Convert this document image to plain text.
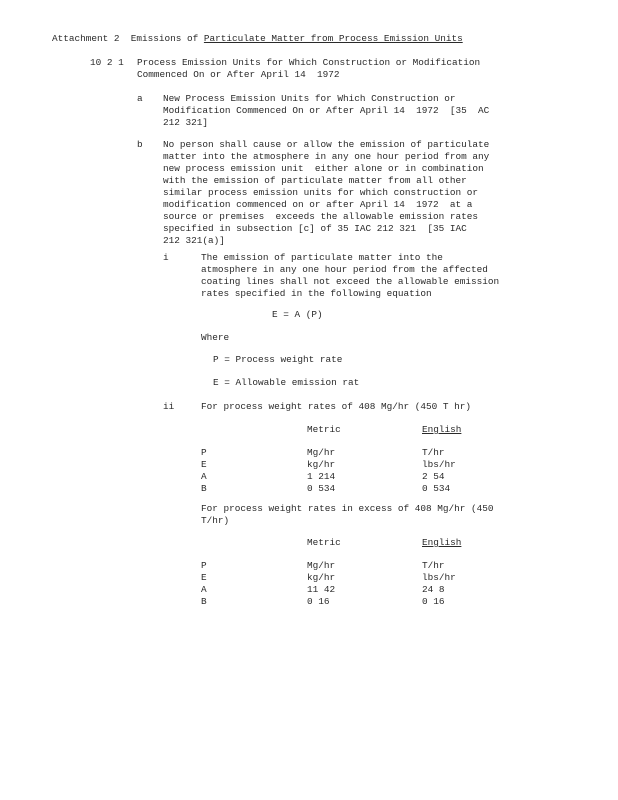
Attachment 2  Emissions of Particulate Matter from Process Emission Units
10 2 1 Process Emission Units for Which Construction or Modification
Commenced On or After April 14  1972
a New Process Emission Units for Which Construction or
Modification Commenced On or After April 14  1972  [35  AC
212 321]
b No person shall cause or allow the emission of particulate
matter into the atmosphere in any one hour period from any
new process emission unit  either alone or in combination
with the emission of particulate matter from all other
similar process emission units for which construction or
modification commenced on or after April 14  1972  at a
source or premises  exceeds the allowable emission rates
specified in subsection [c] of 35 IAC 212 321  [35 IAC
212 321(a)]
i	The emission of particulate matter into the
atmosphere in any one hour period from the affected
coating lines shall not exceed the allowable emission
rates specified in the following equation
E = A (P)
Where
P = Process weight rate
E = Allowable emission rat
ii	For process weight rates of 408 Mg/hr (450 T hr)
Metric	English
P	Mg/hr	T/hr
E	kg/hr	lbs/hr
A	1 214	2 54
B	0 534	0 534
For process weight rates in excess of 408 Mg/hr (450
T/hr)
Metric	English
P	Mg/hr	T/hr
E	kg/hr	lbs/hr
A	11 42	24 8
B	0 16	0 16
